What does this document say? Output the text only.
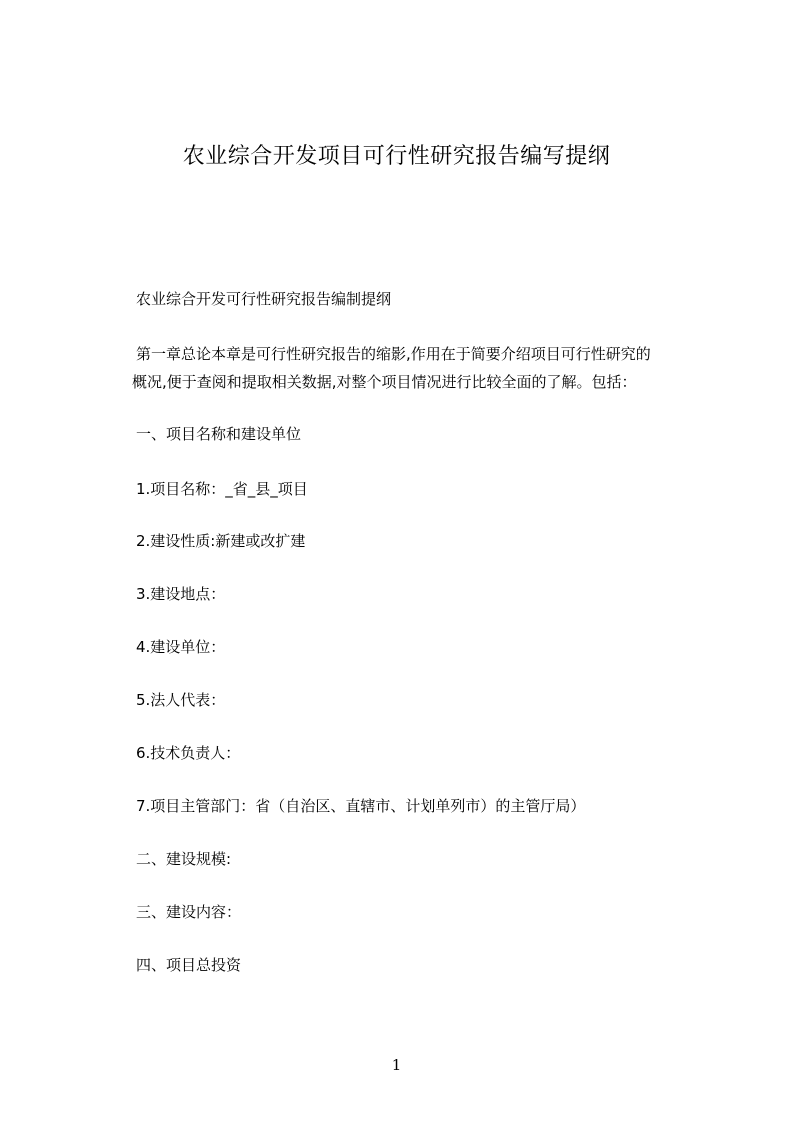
农业综合开发项目可行性研究报告编写提纲
农业综合开发可行性研究报告编制提纲
第一章总论本章是可行性研究报告的缩影,作用在于简要介绍项目可行性研究的
概况,便于查阅和提取相关数据,对整个项目情况进行比较全面的了解。包括：
一、项目名称和建设单位
1.项目名称：_省_县_项目
2.建设性质:新建或改扩建
3.建设地点：
4.建设单位：
5.法人代表：
6.技术负责人：
7.项目主管部门：省（自治区、直辖市、计划单列市）的主管厅局）
二、建设规模:
三、建设内容：
四、项目总投资
1
